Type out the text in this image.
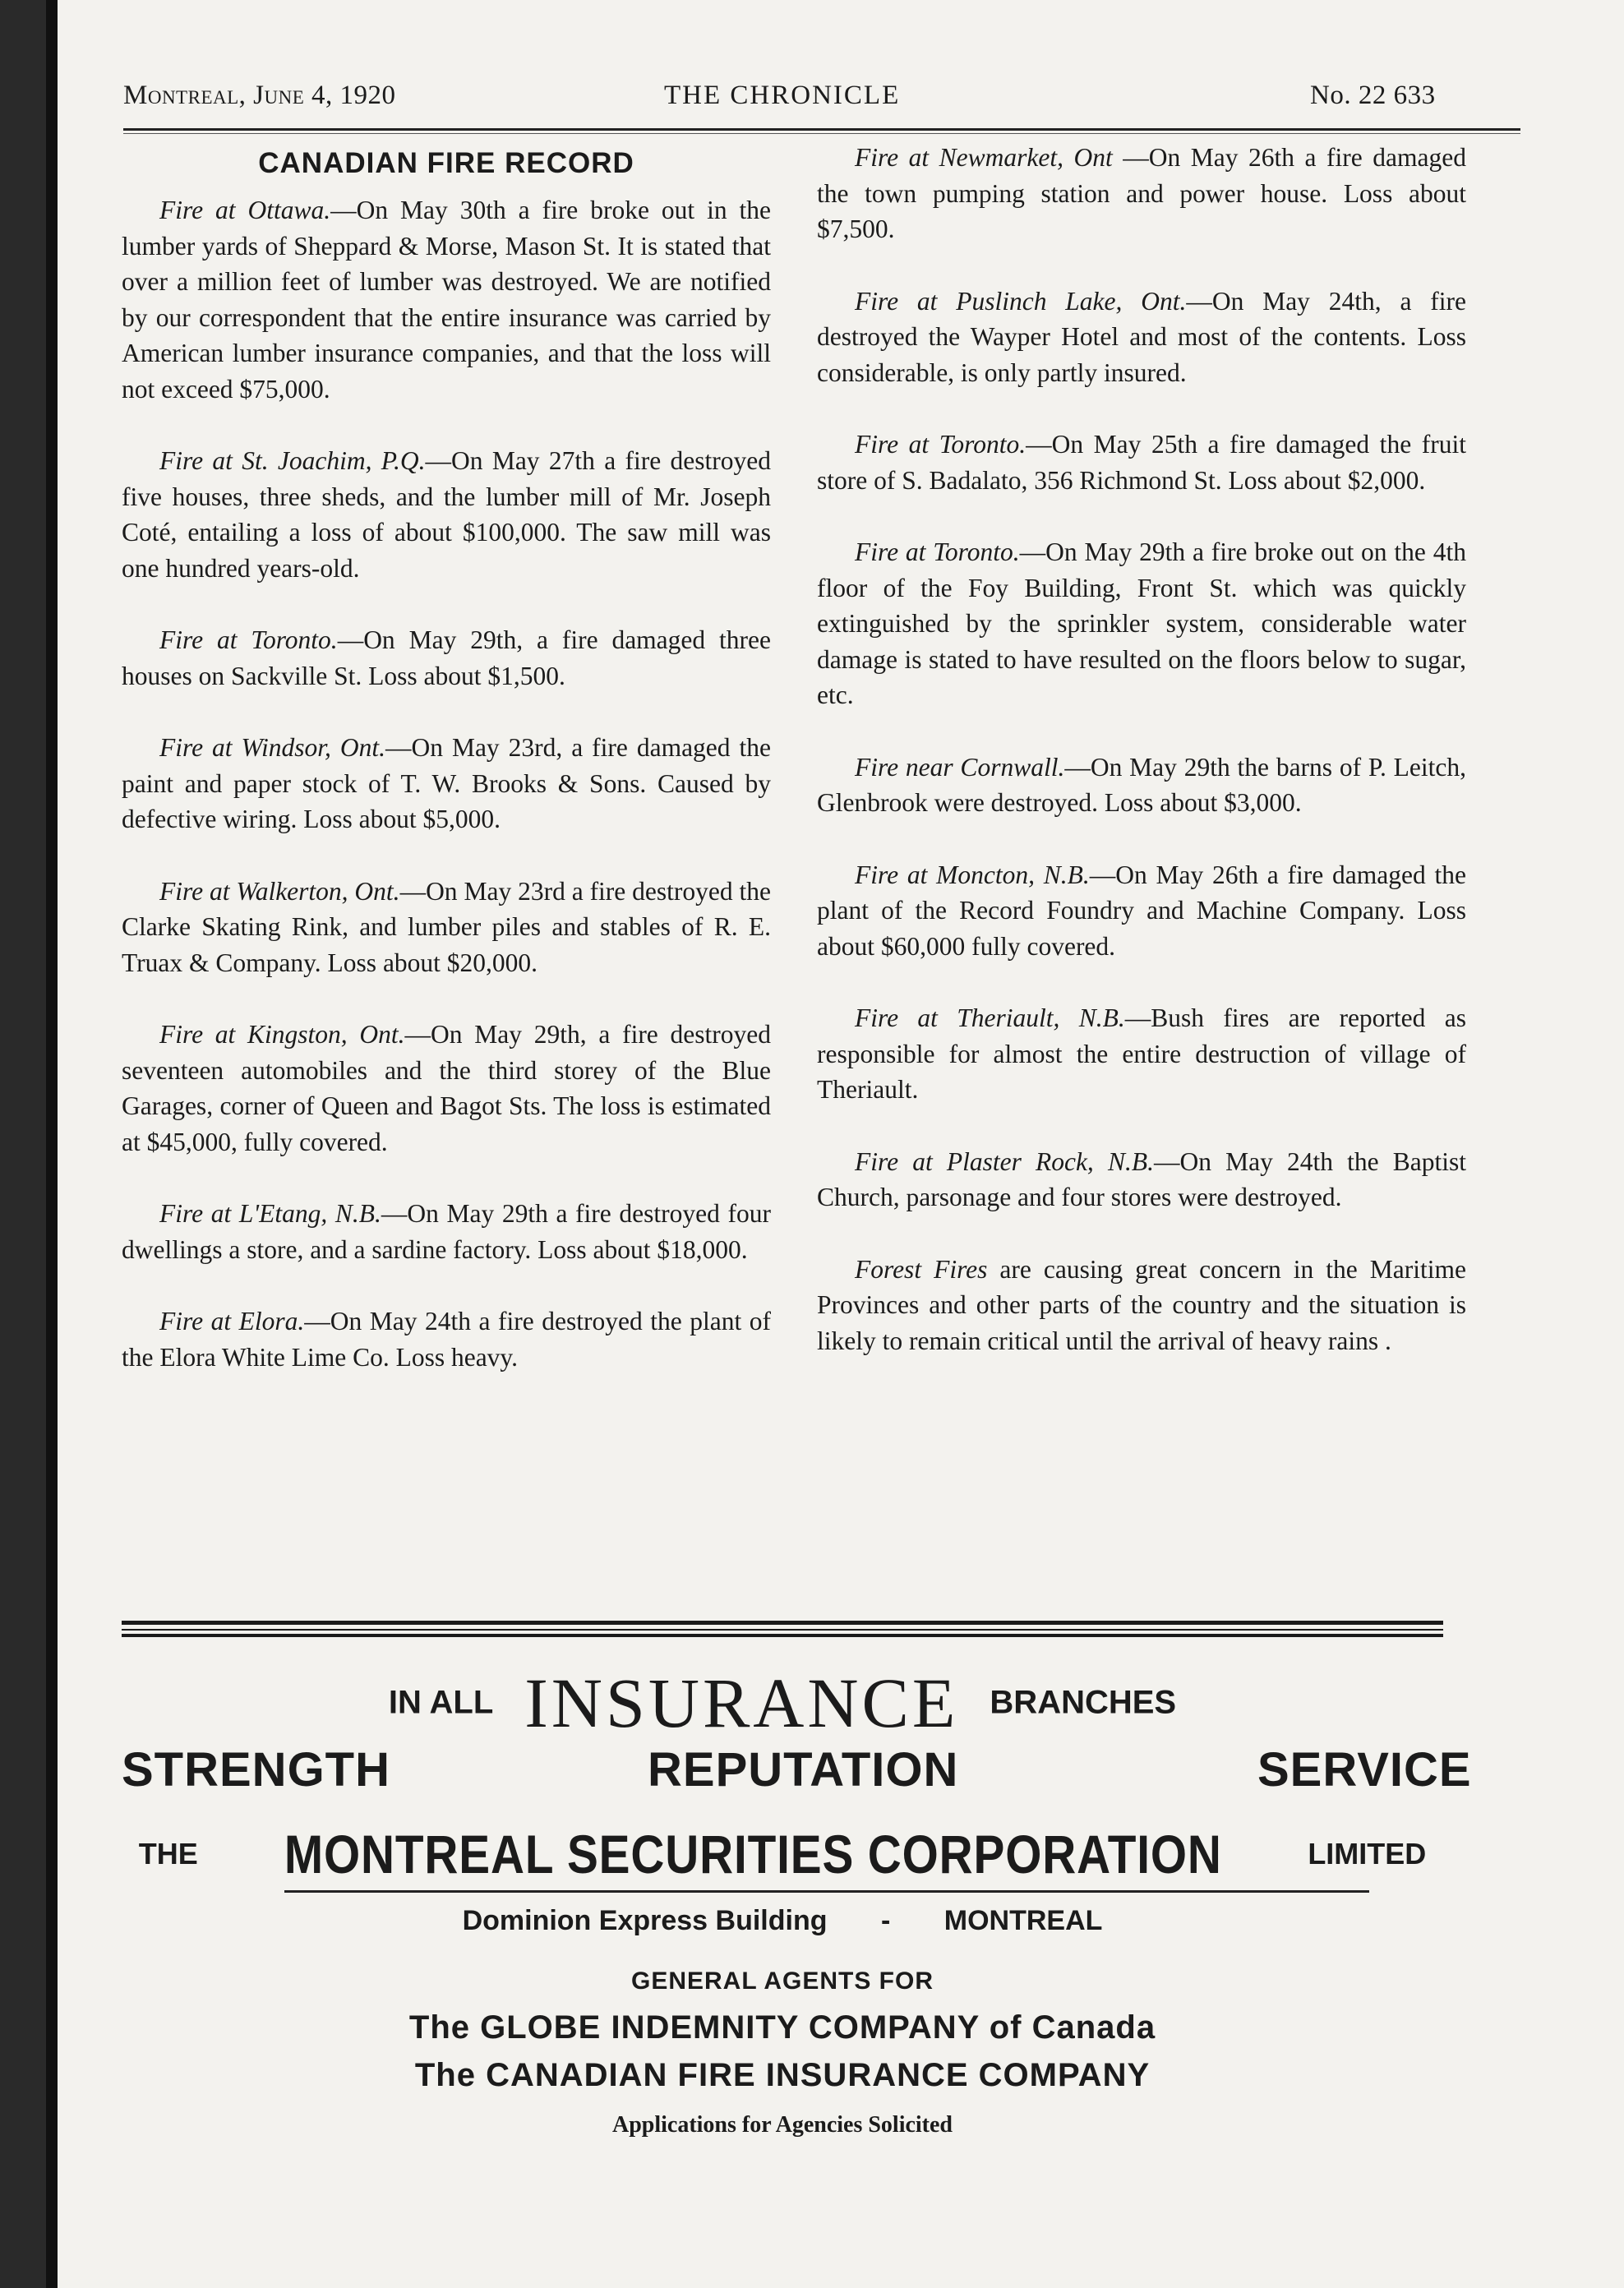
Montreal, June 4, 1920	THE CHRONICLE	No. 22 633
CANADIAN FIRE RECORD

Fire at Ottawa.—On May 30th a fire broke out in the lumber yards of Sheppard & Morse, Mason St. It is stated that over a million feet of lumber was destroyed. We are notified by our correspondent that the entire insurance was carried by American lumber insurance companies, and that the loss will not exceed $75,000.

Fire at St. Joachim, P.Q.—On May 27th a fire destroyed five houses, three sheds, and the lumber mill of Mr. Joseph Coté, entailing a loss of about $100,000. The saw mill was one hundred years-old.

Fire at Toronto.—On May 29th, a fire damaged three houses on Sackville St. Loss about $1,500.

Fire at Windsor, Ont.—On May 23rd, a fire damaged the paint and paper stock of T. W. Brooks & Sons. Caused by defective wiring. Loss about $5,000.

Fire at Walkerton, Ont.—On May 23rd a fire destroyed the Clarke Skating Rink, and lumber piles and stables of R. E. Truax & Company. Loss about $20,000.

Fire at Kingston, Ont.—On May 29th, a fire destroyed seventeen automobiles and the third storey of the Blue Garages, corner of Queen and Bagot Sts. The loss is estimated at $45,000, fully covered.

Fire at L'Etang, N.B.—On May 29th a fire destroyed four dwellings a store, and a sardine factory. Loss about $18,000.

Fire at Elora.—On May 24th a fire destroyed the plant of the Elora White Lime Co. Loss heavy.

Fire at Newmarket, Ont —On May 26th a fire damaged the town pumping station and power house. Loss about $7,500.

Fire at Puslinch Lake, Ont.—On May 24th, a fire destroyed the Wayper Hotel and most of the contents. Loss considerable, is only partly insured.

Fire at Toronto.—On May 25th a fire damaged the fruit store of S. Badalato, 356 Richmond St. Loss about $2,000.

Fire at Toronto.—On May 29th a fire broke out on the 4th floor of the Foy Building, Front St. which was quickly extinguished by the sprinkler system, considerable water damage is stated to have resulted on the floors below to sugar, etc.

Fire near Cornwall.—On May 29th the barns of P. Leitch, Glenbrook were destroyed. Loss about $3,000.

Fire at Moncton, N.B.—On May 26th a fire damaged the plant of the Record Foundry and Machine Company. Loss about $60,000 fully covered.

Fire at Theriault, N.B.—Bush fires are reported as responsible for almost the entire destruction of village of Theriault.

Fire at Plaster Rock, N.B.—On May 24th the Baptist Church, parsonage and four stores were destroyed.

Forest Fires are causing great concern in the Maritime Provinces and other parts of the country and the situation is likely to remain critical until the arrival of heavy rains .

IN ALL INSURANCE BRANCHES
STRENGTH	REPUTATION	SERVICE
THE MONTREAL SECURITIES CORPORATION	LIMITED
Dominion Express Building - MONTREAL
GENERAL AGENTS FOR
The GLOBE INDEMNITY COMPANY of Canada
The CANADIAN FIRE INSURANCE COMPANY
Applications for Agencies Solicited
